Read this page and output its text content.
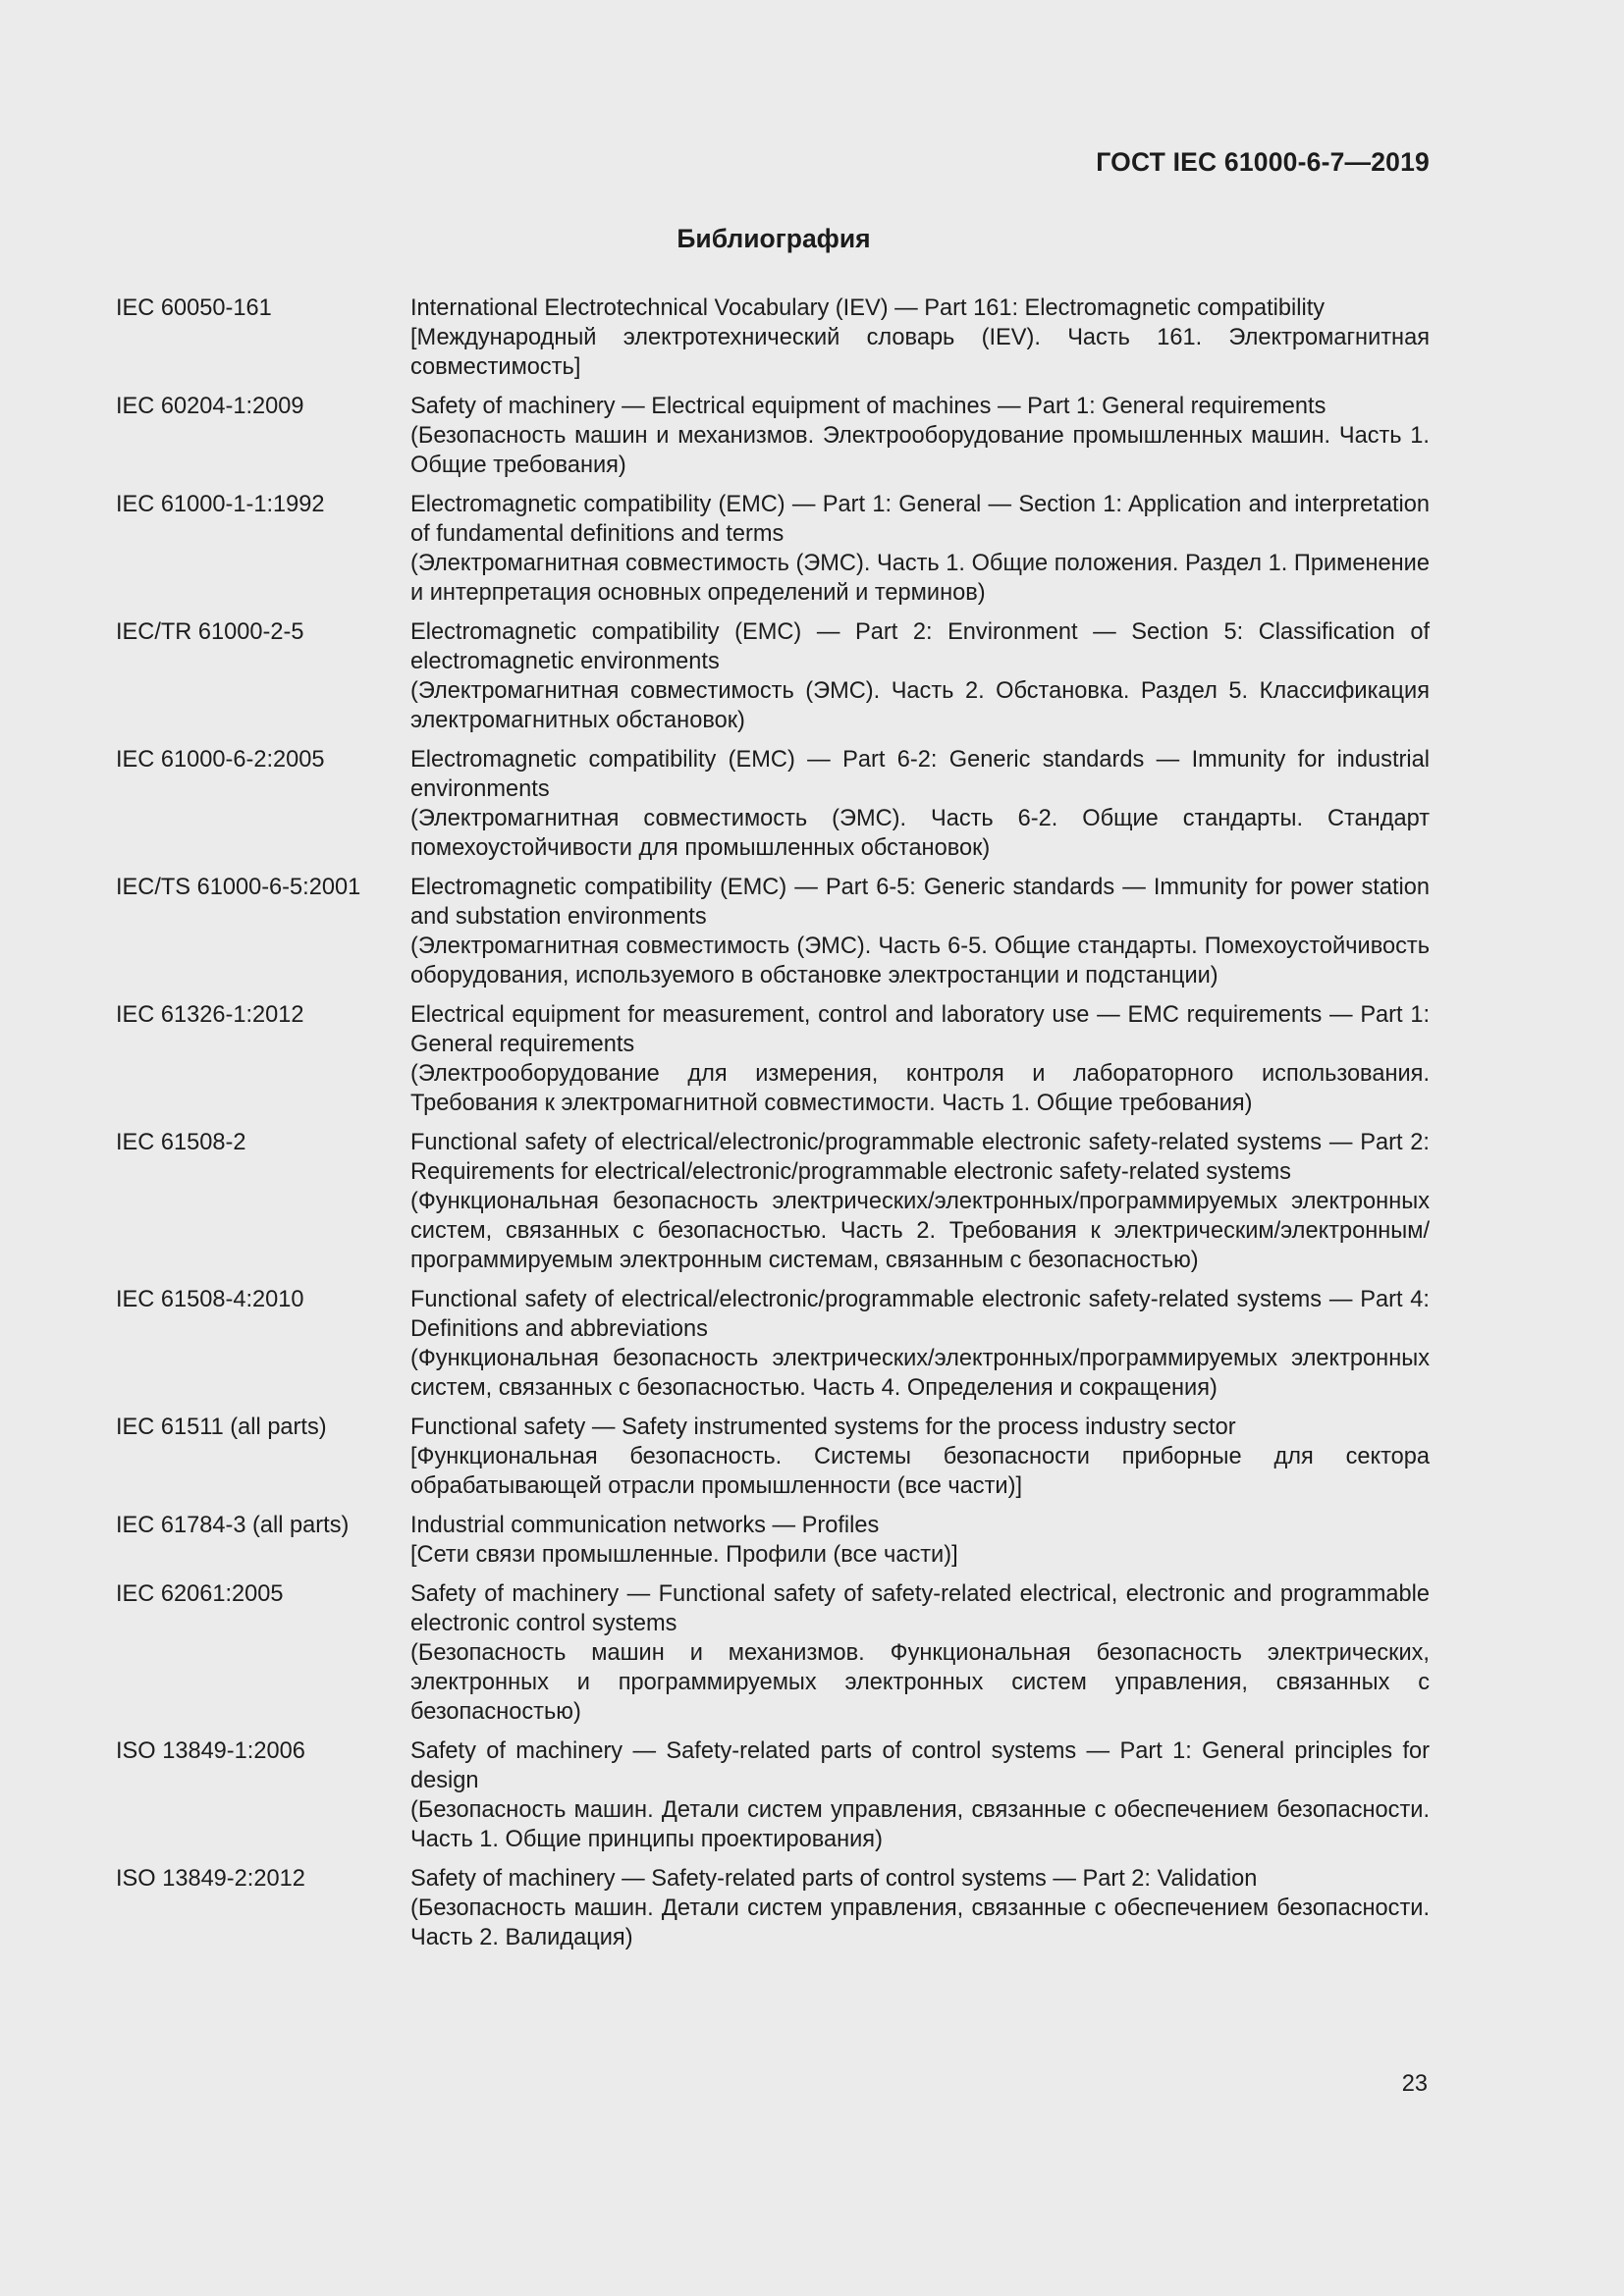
ГОСТ IEC 61000-6-7—2019
Библиография
IEC 60050-161	International Electrotechnical Vocabulary (IEV) — Part 161: Electromagnetic compatibility
[Международный электротехнический словарь (IEV). Часть 161. Электромагнитная совместимость]
IEC 60204-1:2009	Safety of machinery — Electrical equipment of machines — Part 1: General requirements
(Безопасность машин и механизмов. Электрооборудование промышленных машин. Часть 1. Общие требования)
IEC 61000-1-1:1992	Electromagnetic compatibility (EMC) — Part 1: General — Section 1: Application and interpretation of fundamental definitions and terms
(Электромагнитная совместимость (ЭМС). Часть 1. Общие положения. Раздел 1. Применение и интерпретация основных определений и терминов)
IEC/TR 61000-2-5	Electromagnetic compatibility (EMC) — Part 2: Environment — Section 5: Classification of electromagnetic environments
(Электромагнитная совместимость (ЭМС). Часть 2. Обстановка. Раздел 5. Классификация электромагнитных обстановок)
IEC 61000-6-2:2005	Electromagnetic compatibility (EMC) — Part 6-2: Generic standards — Immunity for industrial environments
(Электромагнитная совместимость (ЭМС). Часть 6-2. Общие стандарты. Стандарт помехоустойчивости для промышленных обстановок)
IEC/TS 61000-6-5:2001	Electromagnetic compatibility (EMC) — Part 6-5: Generic standards — Immunity for power station and substation environments
(Электромагнитная совместимость (ЭМС). Часть 6-5. Общие стандарты. Помехоустойчивость оборудования, используемого в обстановке электростанции и подстанции)
IEC 61326-1:2012	Electrical equipment for measurement, control and laboratory use — EMC requirements — Part 1: General requirements
(Электрооборудование для измерения, контроля и лабораторного использования. Требования к электромагнитной совместимости. Часть 1. Общие требования)
IEC 61508-2	Functional safety of electrical/electronic/programmable electronic safety-related systems — Part 2: Requirements for electrical/electronic/programmable electronic safety-related systems
(Функциональная безопасность электрических/электронных/программируемых электронных систем, связанных с безопасностью. Часть 2. Требования к электрическим/электронным/программируемым электронным системам, связанным с безопасностью)
IEC 61508-4:2010	Functional safety of electrical/electronic/programmable electronic safety-related systems — Part 4: Definitions and abbreviations
(Функциональная безопасность электрических/электронных/программируемых электронных систем, связанных с безопасностью. Часть 4. Определения и сокращения)
IEC 61511 (all parts)	Functional safety — Safety instrumented systems for the process industry sector
[Функциональная безопасность. Системы безопасности приборные для сектора обрабатывающей отрасли промышленности (все части)]
IEC 61784-3 (all parts)	Industrial communication networks — Profiles
[Сети связи промышленные. Профили (все части)]
IEC 62061:2005	Safety of machinery — Functional safety of safety-related electrical, electronic and programmable electronic control systems
(Безопасность машин и механизмов. Функциональная безопасность электрических, электронных и программируемых электронных систем управления, связанных с безопасностью)
ISO 13849-1:2006	Safety of machinery — Safety-related parts of control systems — Part 1: General principles for design
(Безопасность машин. Детали систем управления, связанные с обеспечением безопасности. Часть 1. Общие принципы проектирования)
ISO 13849-2:2012	Safety of machinery — Safety-related parts of control systems — Part 2: Validation
(Безопасность машин. Детали систем управления, связанные с обеспечением безопасности. Часть 2. Валидация)
23
